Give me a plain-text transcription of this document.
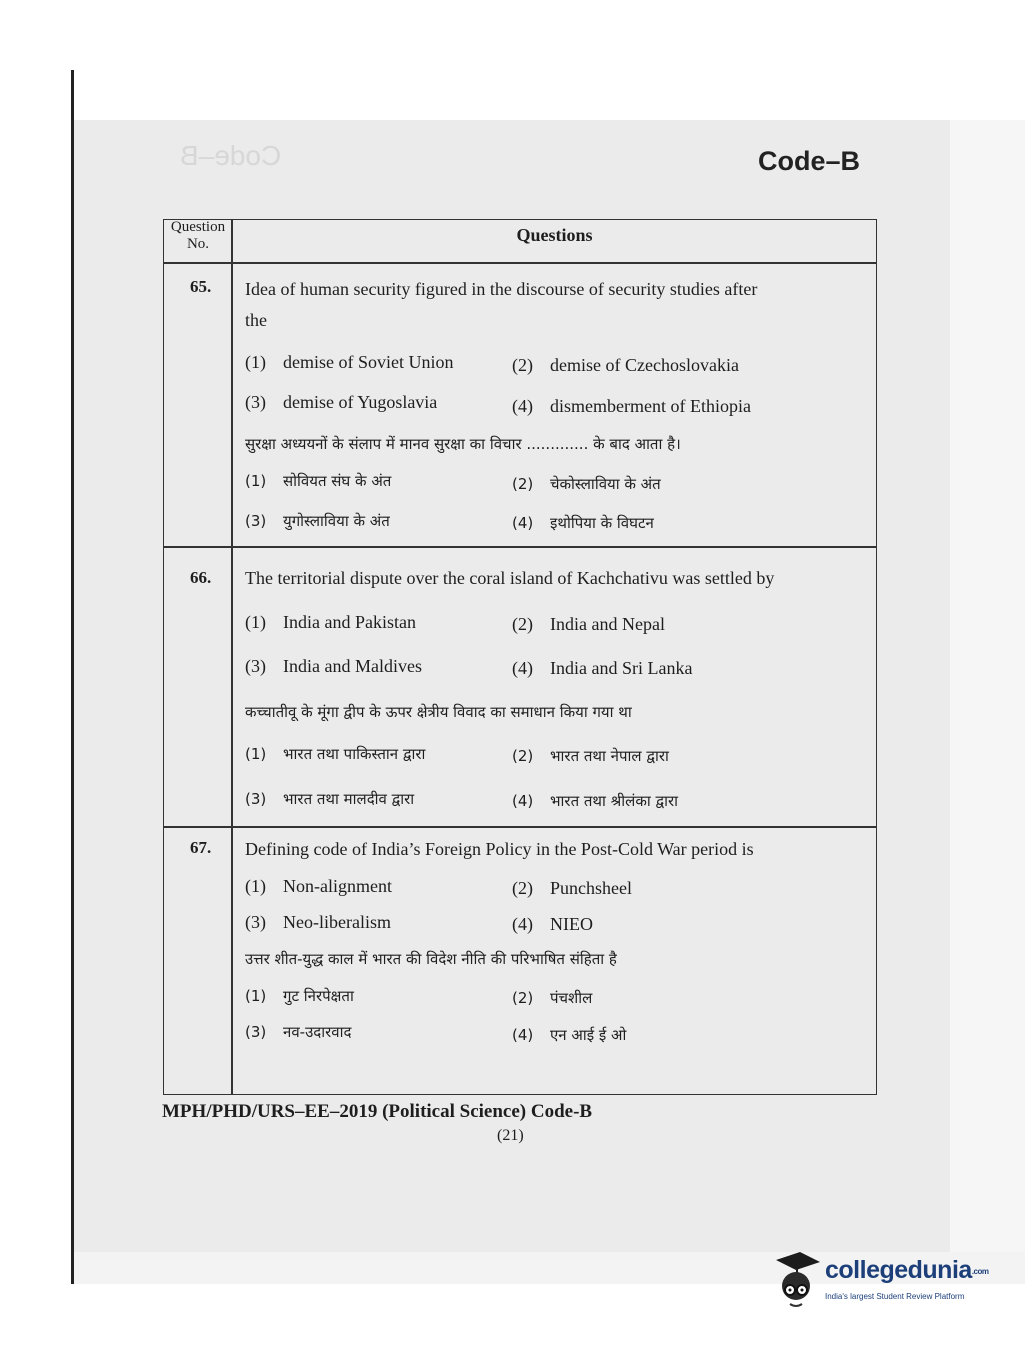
Code–B	Code–B
Question No.	Questions
65. Idea of human security figured in the discourse of security studies after
the
(1) demise of Soviet Union	(2) demise of Czechoslovakia
(3) demise of Yugoslavia	(4) dismemberment of Ethiopia
सुरक्षा अध्ययनों के संलाप में मानव सुरक्षा का विचार ............. के बाद आता है।
(1) सोवियत संघ के अंत	(2) चेकोस्लाविया के अंत
(3) युगोस्लाविया के अंत	(4) इथोपिया के विघटन
66. The territorial dispute over the coral island of Kachchativu was settled by
(1) India and Pakistan	(2) India and Nepal
(3) India and Maldives	(4) India and Sri Lanka
कच्चातीवू के मूंगा द्वीप के ऊपर क्षेत्रीय विवाद का समाधान किया गया था
(1) भारत तथा पाकिस्तान द्वारा	(2) भारत तथा नेपाल द्वारा
(3) भारत तथा मालदीव द्वारा	(4) भारत तथा श्रीलंका द्वारा
67. Defining code of India’s Foreign Policy in the Post-Cold War period is
(1) Non-alignment	(2) Punchsheel
(3) Neo-liberalism	(4) NIEO
उत्तर शीत-युद्ध काल में भारत की विदेश नीति की परिभाषित संहिता है
(1) गुट निरपेक्षता	(2) पंचशील
(3) नव-उदारवाद	(4) एन आई ई ओ
MPH/PHD/URS–EE–2019 (Political Science) Code-B
(21)
collegedunia.com
India's largest Student Review Platform
